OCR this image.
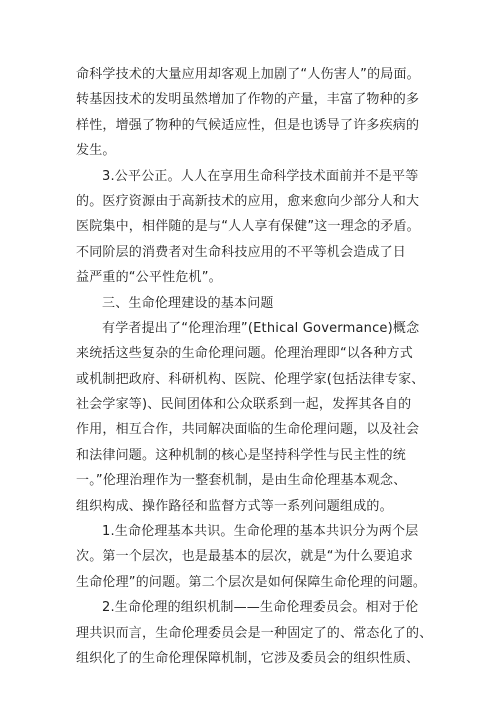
命科学技术的大量应用却客观上加剧了“人伤害人”的局面。
转基因技术的发明虽然增加了作物的产量，丰富了物种的多
样性，增强了物种的气候适应性，但是也诱导了许多疾病的
发生。
3.公平公正。人人在享用生命科学技术面前并不是平等
的。医疗资源由于高新技术的应用，愈来愈向少部分人和大
医院集中，相伴随的是与“人人享有保健”这一理念的矛盾。
不同阶层的消费者对生命科技应用的不平等机会造成了日
益严重的“公平性危机”。
三、生命伦理建设的基本问题
有学者提出了“伦理治理”(Ethical Govermance)概念
来统括这些复杂的生命伦理问题。伦理治理即“以各种方式
或机制把政府、科研机构、医院、伦理学家(包括法律专家、
社会学家等)、民间团体和公众联系到一起，发挥其各自的
作用，相互合作，共同解决面临的生命伦理问题，以及社会
和法律问题。这种机制的核心是坚持科学性与民主性的统
一。”伦理治理作为一整套机制，是由生命伦理基本观念、
组织构成、操作路径和监督方式等一系列问题组成的。
1.生命伦理基本共识。生命伦理的基本共识分为两个层
次。第一个层次，也是最基本的层次，就是“为什么要追求
生命伦理”的问题。第二个层次是如何保障生命伦理的问题。
2.生命伦理的组织机制——生命伦理委员会。相对于伦
理共识而言，生命伦理委员会是一种固定了的、常态化了的、
组织化了的生命伦理保障机制，它涉及委员会的组织性质、
